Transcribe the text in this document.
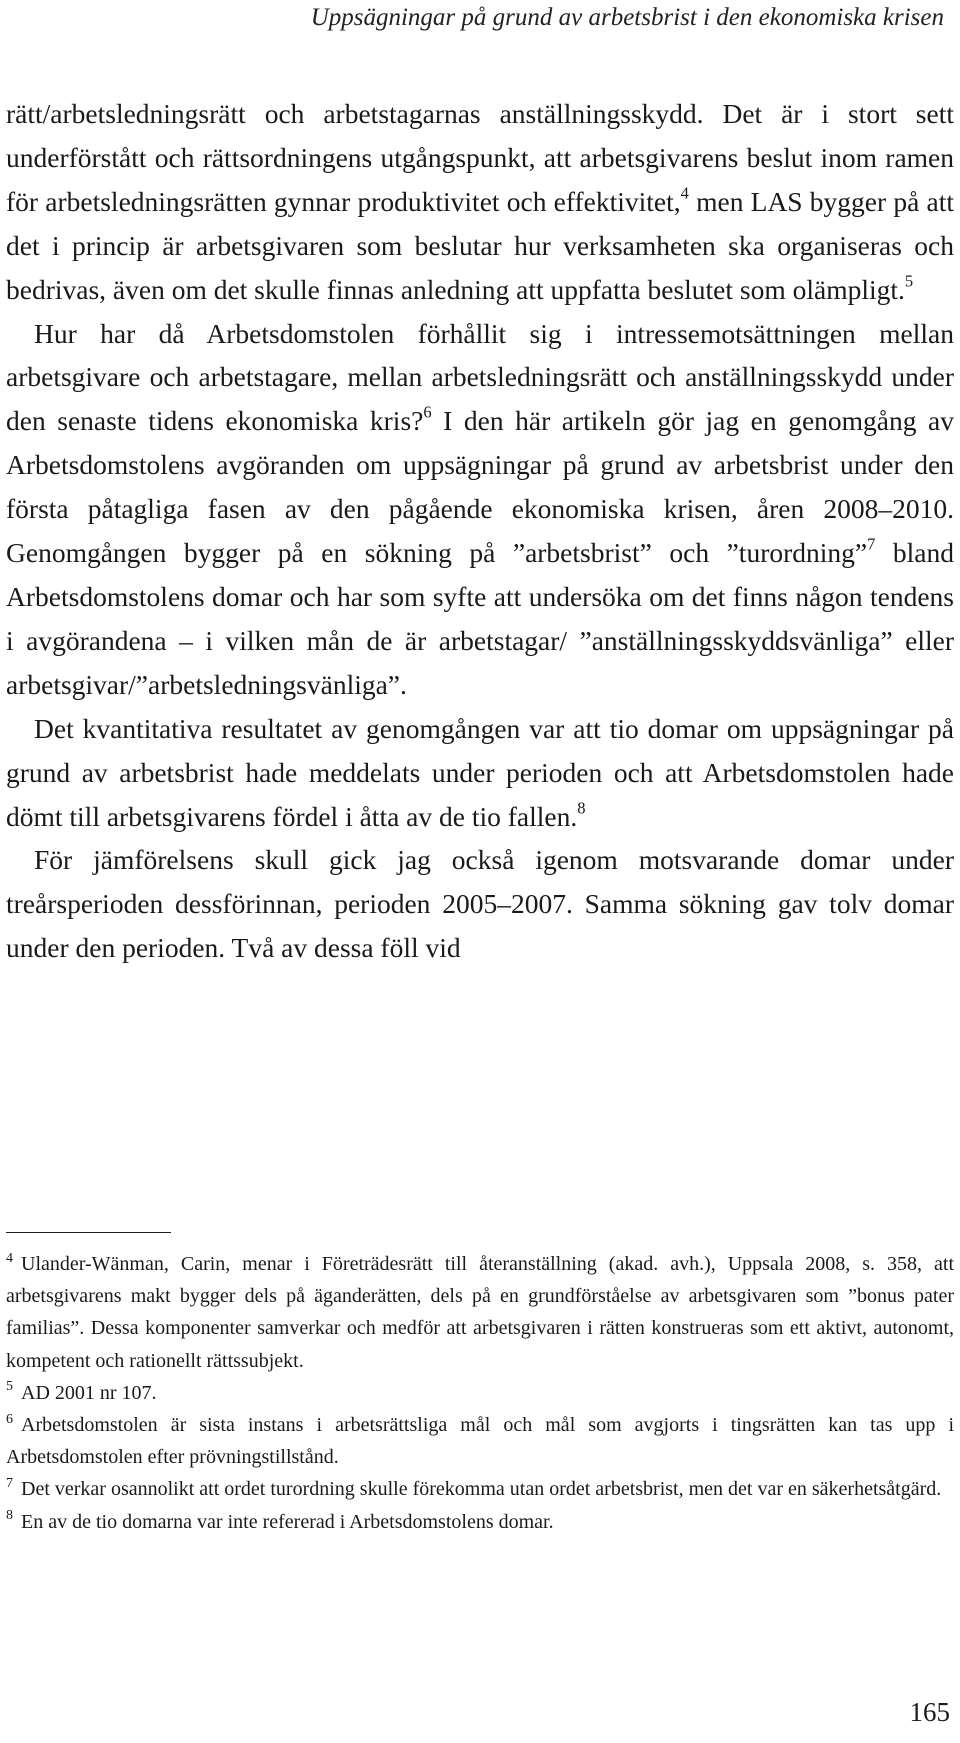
Uppsägningar på grund av arbetsbrist i den ekonomiska krisen

rätt/arbetsledningsrätt och arbetstagarnas anställningsskydd. Det är i stort sett underförstått och rättsordningens utgångspunkt, att arbetsgivarens beslut inom ramen för arbetsledningsrätten gynnar produktivitet och effektivitet,$^4$ men LAS bygger på att det i princip är arbetsgivaren som beslutar hur verksamheten ska organiseras och bedrivas, även om det skulle finnas anledning att uppfatta beslutet som olämpligt.$^5$

Hur har då Arbetsdomstolen förhållit sig i intressemotsättningen mellan arbetsgivare och arbetstagare, mellan arbetsledningsrätt och anställningsskydd under den senaste tidens ekonomiska kris?$^6$ I den här artikeln gör jag en genomgång av Arbetsdomstolens avgöranden om uppsägningar på grund av arbetsbrist under den första påtagliga fasen av den pågående ekonomiska krisen, åren 2008–2010. Genomgången bygger på en sökning på ”arbetsbrist” och ”turordning”$^7$ bland Arbetsdomstolens domar och har som syfte att undersöka om det finns någon tendens i avgörandena – i vilken mån de är arbetstagar/ ”anställningsskyddsvänliga” eller arbetsgivar/”arbetsledningsvänliga”.

Det kvantitativa resultatet av genomgången var att tio domar om uppsägningar på grund av arbetsbrist hade meddelats under perioden och att Arbetsdomstolen hade dömt till arbetsgivarens fördel i åtta av de tio fallen.$^8$

För jämförelsens skull gick jag också igenom motsvarande domar under treårsperioden dessförinnan, perioden 2005–2007. Samma sökning gav tolv domar under den perioden. Två av dessa föll vid

$^4$ Ulander-Wänman, Carin, menar i Företrädesrätt till återanställning (akad. avh.), Uppsala 2008, s. 358, att arbetsgivarens makt bygger dels på äganderätten, dels på en grundförståelse av arbetsgivaren som ”bonus pater familias”. Dessa komponenter samverkar och medför att arbetsgivaren i rätten konstrueras som ett aktivt, autonomt, kompetent och rationellt rättssubjekt.

$^5$ AD 2001 nr 107.

$^6$ Arbetsdomstolen är sista instans i arbetsrättsliga mål och mål som avgjorts i tingsrätten kan tas upp i Arbetsdomstolen efter prövningstillstånd.

$^7$ Det verkar osannolikt att ordet turordning skulle förekomma utan ordet arbetsbrist, men det var en säkerhetsåtgärd.

$^8$ En av de tio domarna var inte refererad i Arbetsdomstolens domar.

165
